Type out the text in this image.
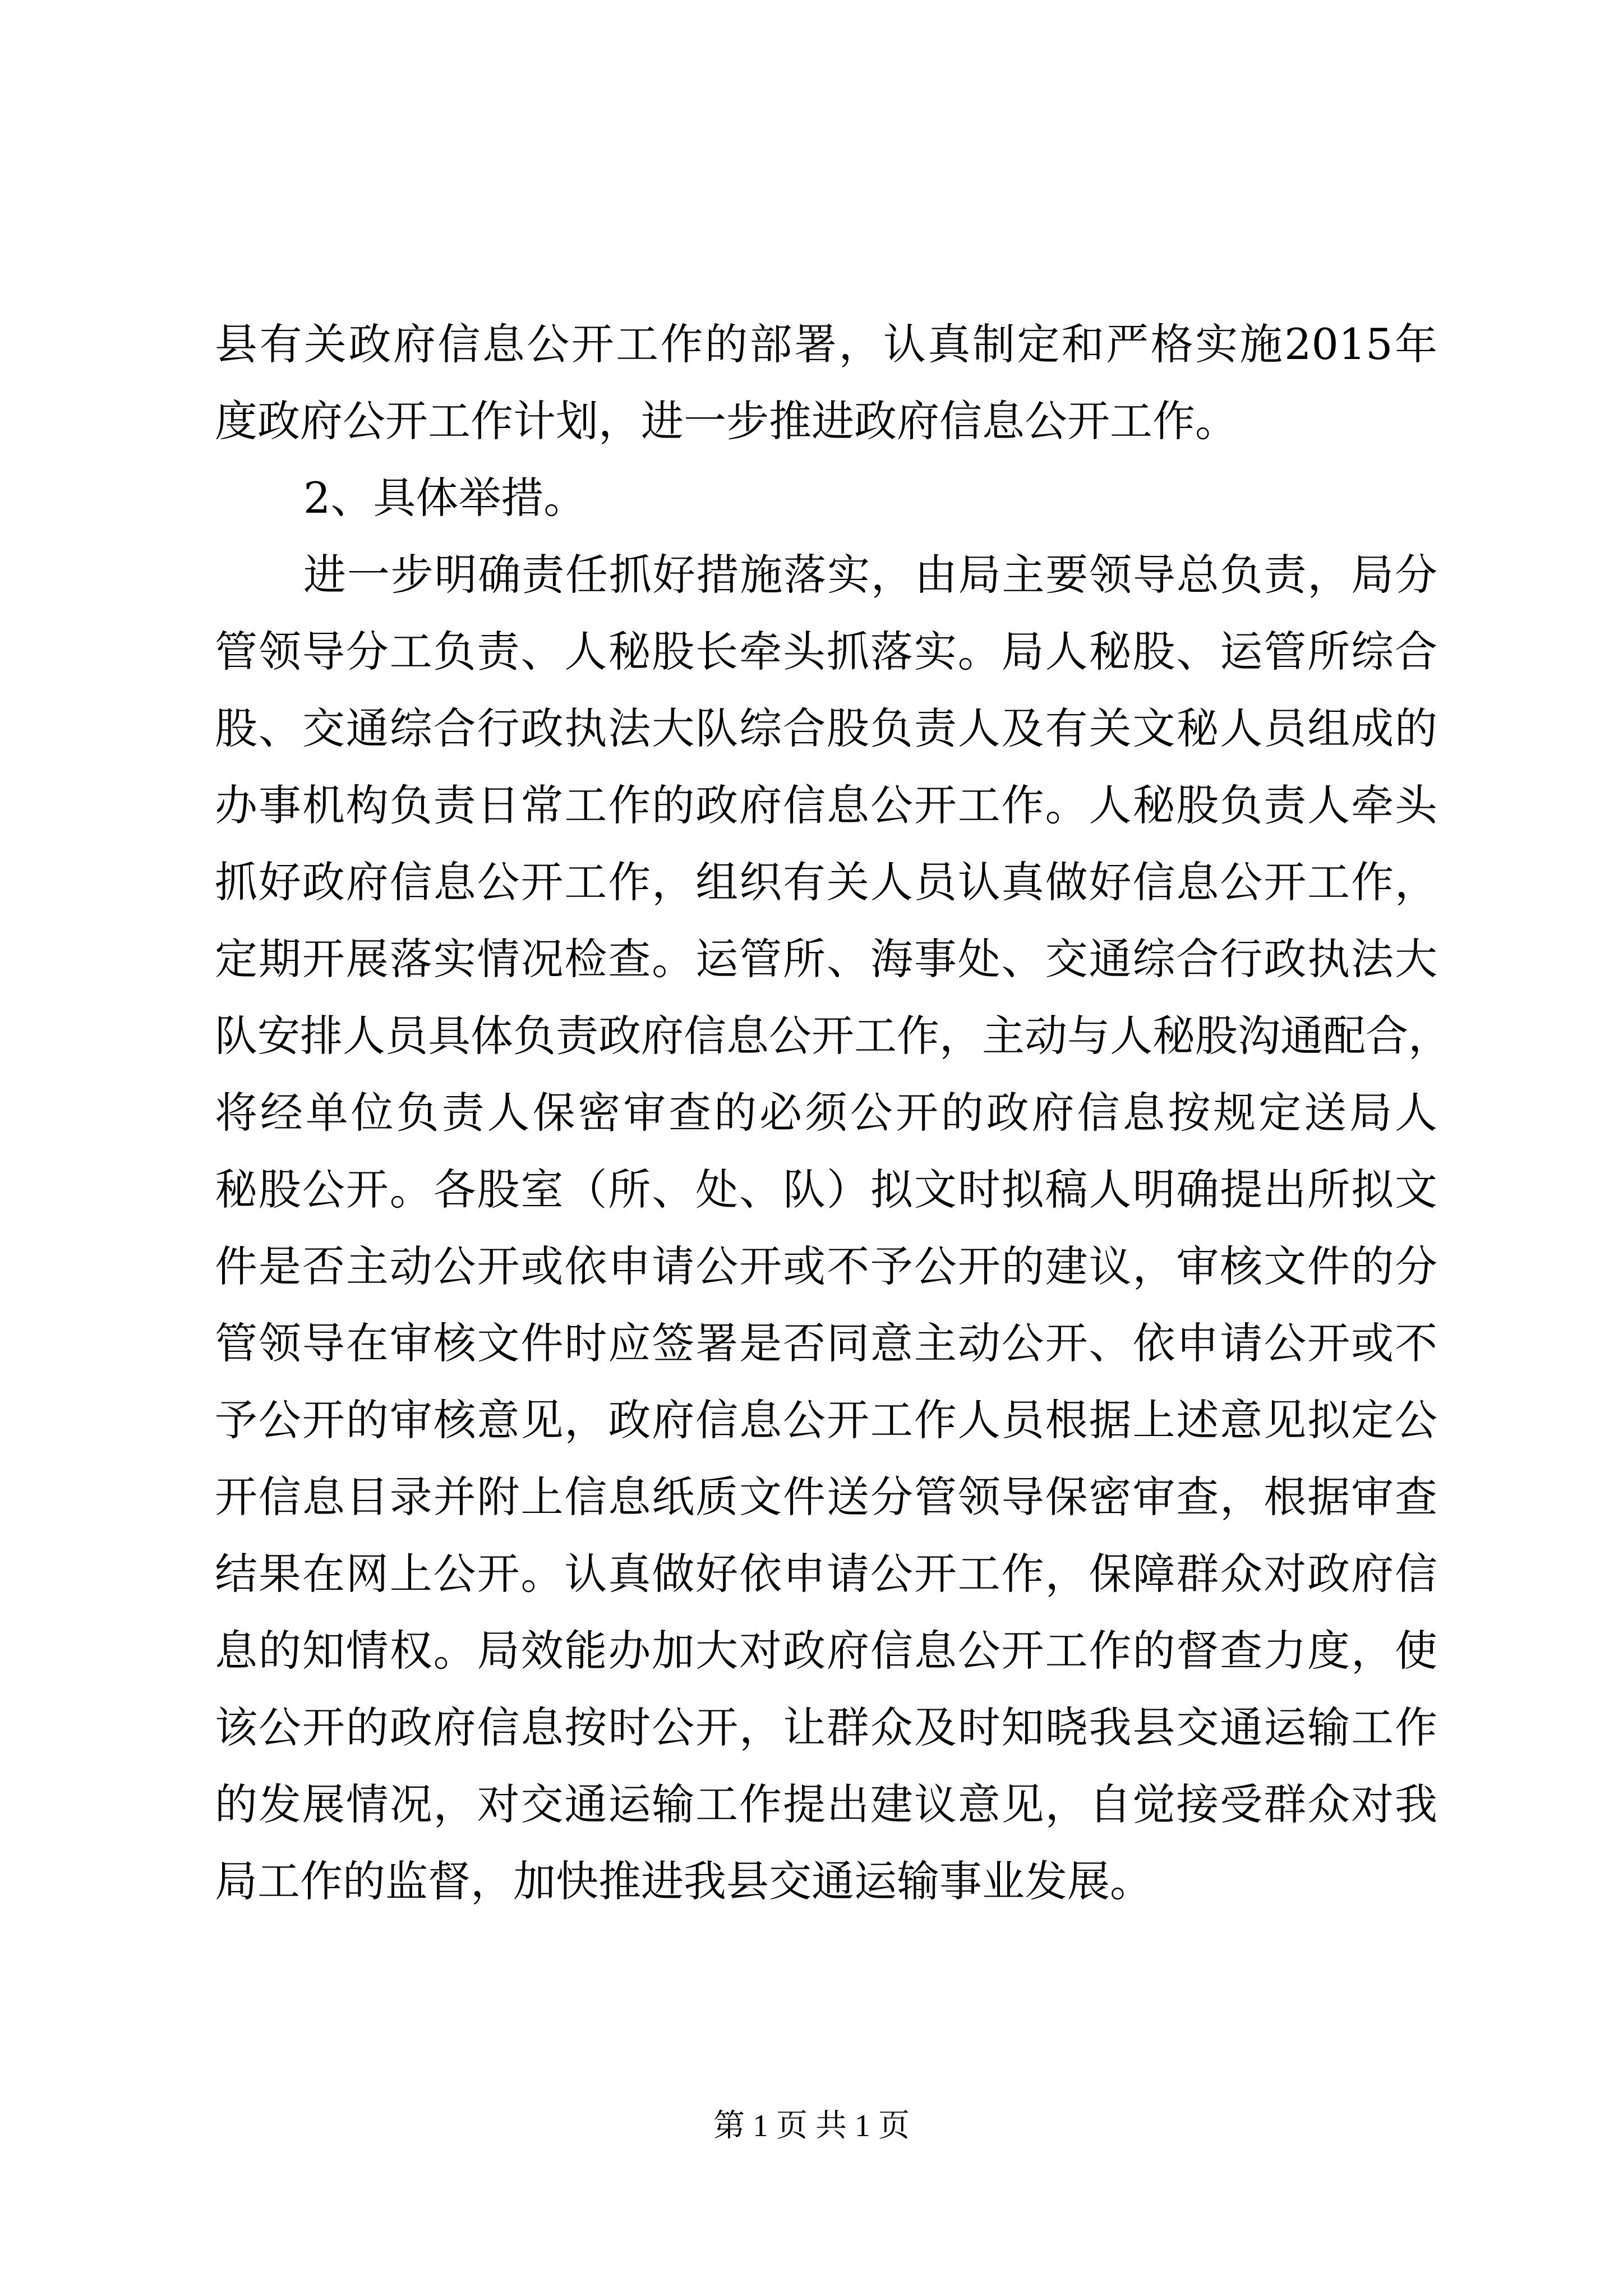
县有关政府信息公开工作的部署，认真制定和严格实施2015年
度政府公开工作计划，进一步推进政府信息公开工作。
2、具体举措。
进一步明确责任抓好措施落实，由局主要领导总负责，局分
管领导分工负责、人秘股长牵头抓落实。局人秘股、运管所综合
股、交通综合行政执法大队综合股负责人及有关文秘人员组成的
办事机构负责日常工作的政府信息公开工作。人秘股负责人牵头
抓好政府信息公开工作，组织有关人员认真做好信息公开工作，
定期开展落实情况检查。运管所、海事处、交通综合行政执法大
队安排人员具体负责政府信息公开工作，主动与人秘股沟通配合，
将经单位负责人保密审查的必须公开的政府信息按规定送局人
秘股公开。各股室（所、处、队）拟文时拟稿人明确提出所拟文
件是否主动公开或依申请公开或不予公开的建议，审核文件的分
管领导在审核文件时应签署是否同意主动公开、依申请公开或不
予公开的审核意见，政府信息公开工作人员根据上述意见拟定公
开信息目录并附上信息纸质文件送分管领导保密审查，根据审查
结果在网上公开。认真做好依申请公开工作，保障群众对政府信
息的知情权。局效能办加大对政府信息公开工作的督查力度，使
该公开的政府信息按时公开，让群众及时知晓我县交通运输工作
的发展情况，对交通运输工作提出建议意见，自觉接受群众对我
局工作的监督，加快推进我县交通运输事业发展。
第 1 页 共 1 页
